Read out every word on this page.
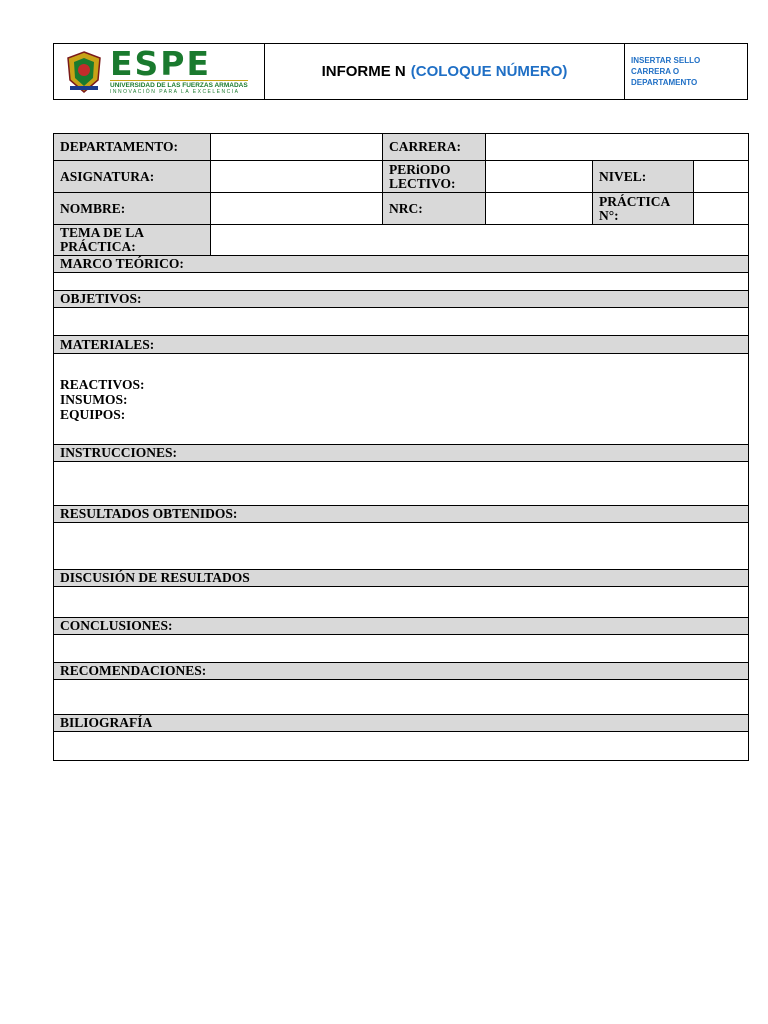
ESPE
UNIVERSIDAD DE LAS FUERZAS ARMADAS
INNOVACIÓN PARA LA EXCELENCIA
INFORME N (COLOQUE NÚMERO)
INSERTAR SELLO CARRERA O DEPARTAMENTO
DEPARTAMENTO:		CARRERA:			
ASIGNATURA:		PERiODO LECTIVO:		NIVEL:	
NOMBRE:		NRC:		PRÁCTICA N°:	
TEMA DE LA PRÁCTICA:					
MARCO TEÓRICO:					

OBJETIVOS:					

MATERIALES:					

REACTIVOS:
INSUMOS:
EQUIPOS:					

INSTRUCCIONES:					

RESULTADOS OBTENIDOS:					

DISCUSIÓN DE RESULTADOS					

CONCLUSIONES:					

RECOMENDACIONES:					

BILIOGRAFÍA					
